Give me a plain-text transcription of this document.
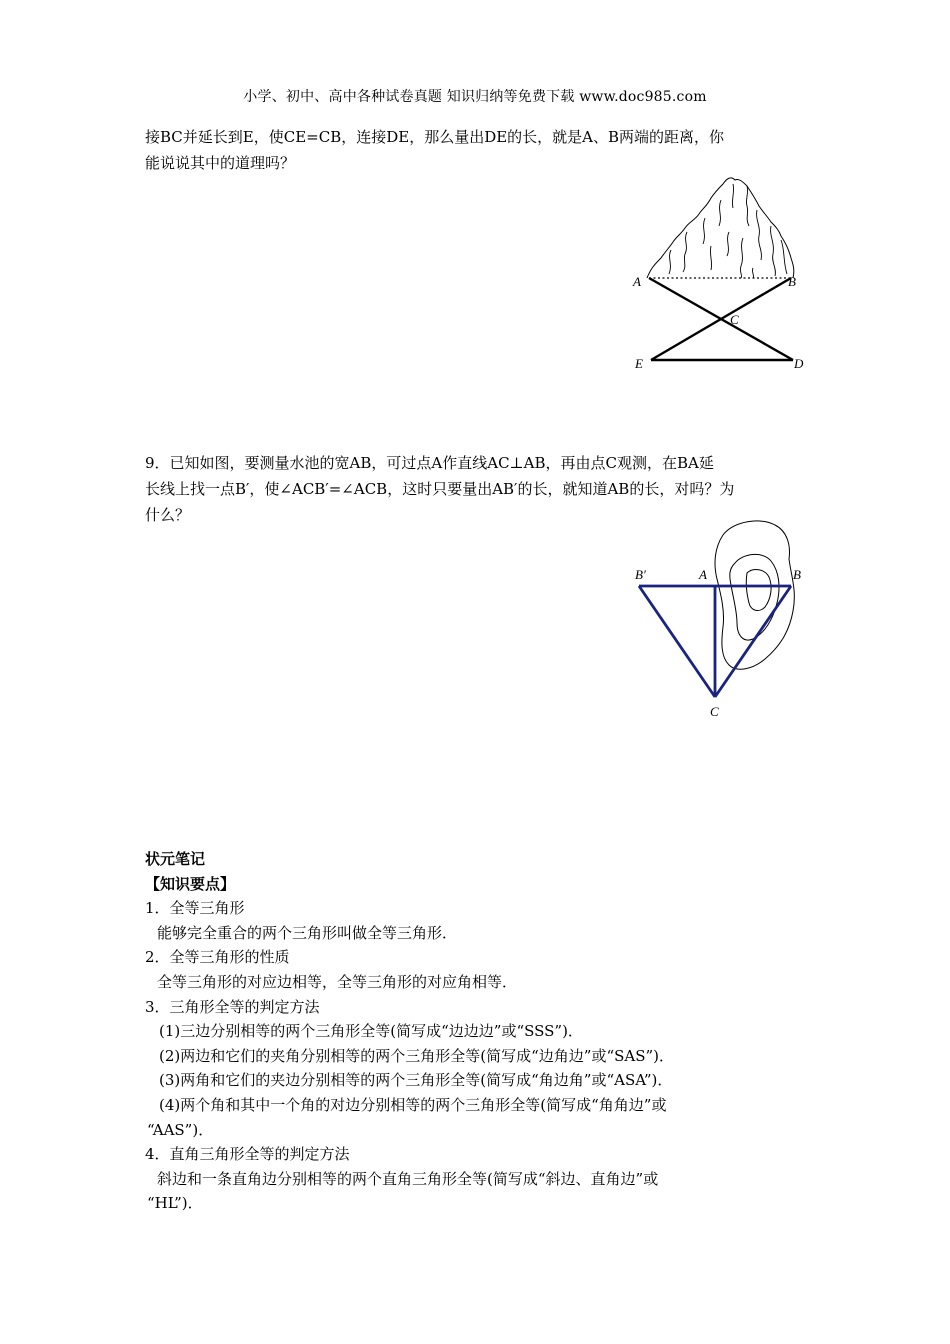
小学、初中、高中各种试卷真题 知识归纳等免费下载 www.doc985.com
接BC并延长到E，使CE=CB，连接DE，那么量出DE的长，就是A、B两端的距离，你
能说说其中的道理吗？
A	B
C
E	D
9．已知如图，要测量水池的宽AB，可过点A作直线AC⊥AB，再由点C观测，在BA延
长线上找一点B′，使∠ACB′=∠ACB，这时只要量出AB′的长，就知道AB的长，对吗？为
什么？
B′	A	B
C
状元笔记
【知识要点】
1．全等三角形
能够完全重合的两个三角形叫做全等三角形．
2．全等三角形的性质
全等三角形的对应边相等，全等三角形的对应角相等．
3．三角形全等的判定方法
(1)三边分别相等的两个三角形全等(简写成“边边边”或“SSS”)．
(2)两边和它们的夹角分别相等的两个三角形全等(简写成“边角边”或“SAS”)．
(3)两角和它们的夹边分别相等的两个三角形全等(简写成“角边角”或“ASA”)．
(4)两个角和其中一个角的对边分别相等的两个三角形全等(简写成“角角边”或
“AAS”)．
4．直角三角形全等的判定方法
斜边和一条直角边分别相等的两个直角三角形全等(简写成“斜边、直角边”或
“HL”)．
